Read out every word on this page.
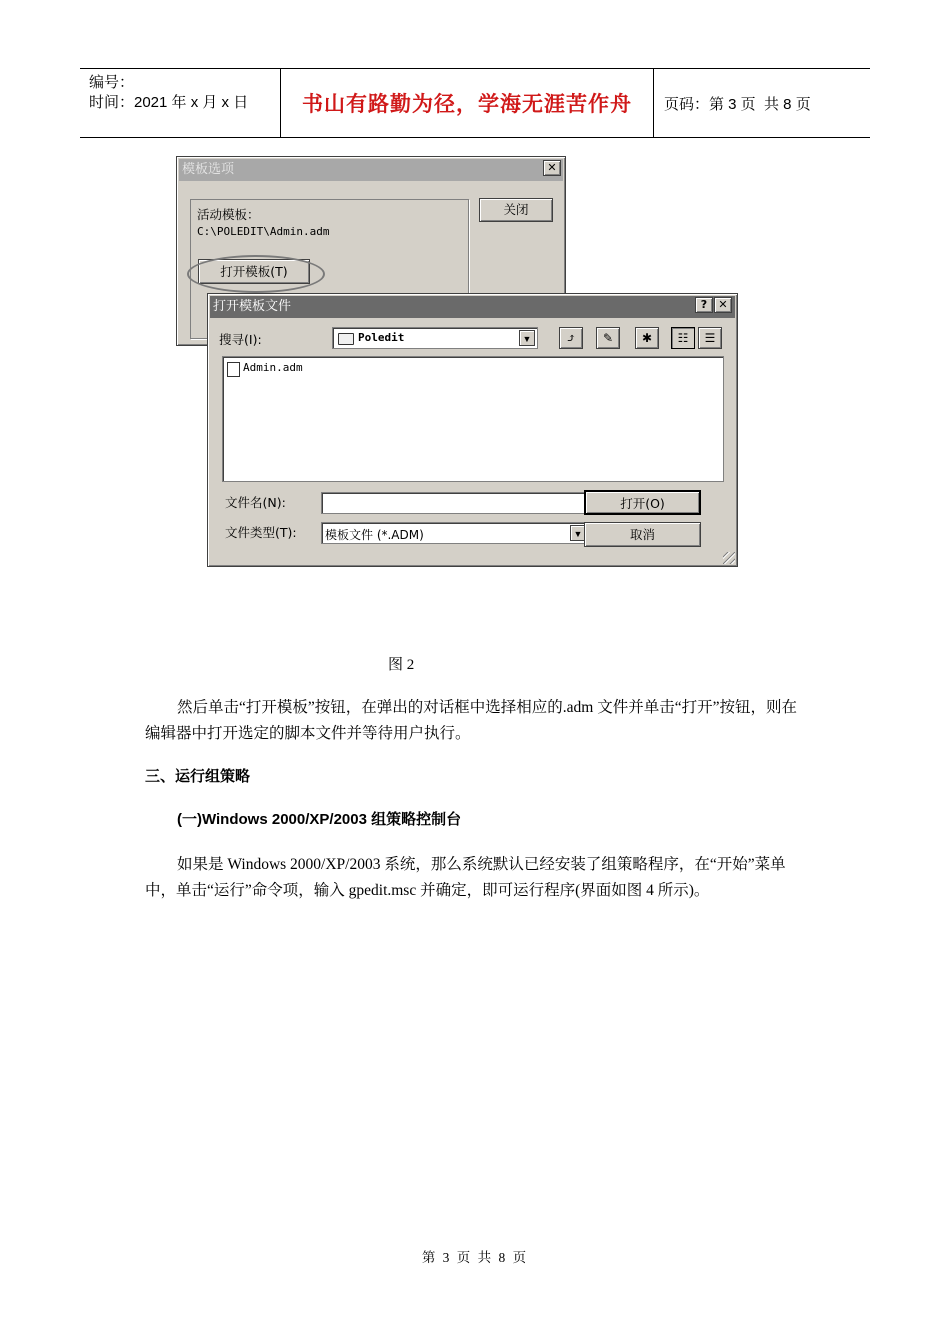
编号：
时间：2021 年 x 月 x 日	书山有路勤为径，学海无涯苦作舟	页码：第 3 页  共 8 页
模板选项	✕
活动模板：
C:\POLEDIT\Admin.adm
关闭
打开模板(T)
打开模板文件	?	✕
搜寻(I):	Poledit	▼	⤴	✎	✱	☷	☰
Admin.adm
文件名(N):
文件类型(T): 模板文件 (*.ADM)	▼
打开(O)
取消
图 2
然后单击“打开模板”按钮，在弹出的对话框中选择相应的.adm 文件并单击“打开”按钮，则在编辑器中打开选定的脚本文件并等待用户执行。
三、运行组策略
(一)Windows 2000/XP/2003 组策略控制台
如果是 Windows 2000/XP/2003 系统，那么系统默认已经安装了组策略程序，在“开始”菜单中，单击“运行”命令项，输入 gpedit.msc 并确定，即可运行程序(界面如图 4 所示)。
第 3 页 共 8 页
